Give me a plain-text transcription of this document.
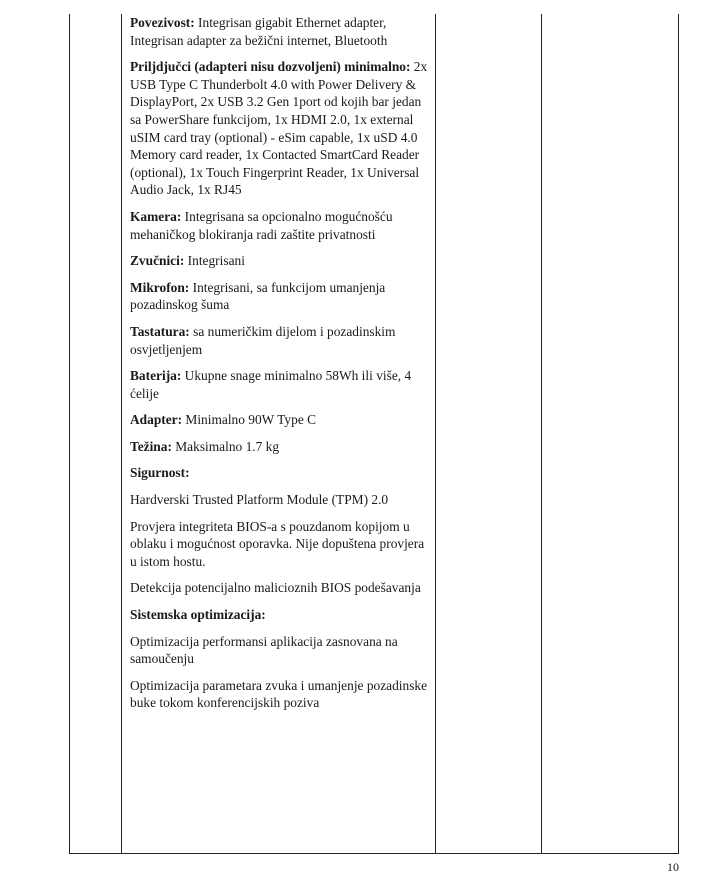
Povezivost: Integrisan gigabit Ethernet adapter, Integrisan adapter za bežični internet, Bluetooth

Priljdjučci (adapteri nisu dozvoljeni) minimalno: 2x USB Type C Thunderbolt 4.0 with Power Delivery & DisplayPort, 2x USB 3.2 Gen 1port od kojih bar jedan sa PowerShare funkcijom, 1x HDMI 2.0, 1x external uSIM card tray (optional) - eSim capable, 1x uSD 4.0 Memory card reader, 1x Contacted SmartCard Reader (optional), 1x Touch Fingerprint Reader, 1x Universal Audio Jack, 1x RJ45

Kamera: Integrisana sa opcionalno mogućnošću mehaničkog blokiranja radi zaštite privatnosti

Zvučnici: Integrisani

Mikrofon: Integrisani, sa funkcijom umanjenja pozadinskog šuma

Tastatura: sa numeričkim dijelom i pozadinskim osvjetljenjem

Baterija: Ukupne snage minimalno 58Wh ili više, 4 ćelije

Adapter: Minimalno 90W Type C

Težina: Maksimalno 1.7 kg

Sigurnost:

Hardverski Trusted Platform Module (TPM) 2.0

Provjera integriteta BIOS-a s pouzdanom kopijom u oblaku i mogućnost oporavka. Nije dopuštena provjera u istom hostu.

Detekcija potencijalno malicioznih BIOS podešavanja

Sistemska optimizacija:

Optimizacija performansi aplikacija zasnovana na samoučenju

Optimizacija parametara zvuka i umanjenje pozadinske buke tokom konferencijskih poziva

10
